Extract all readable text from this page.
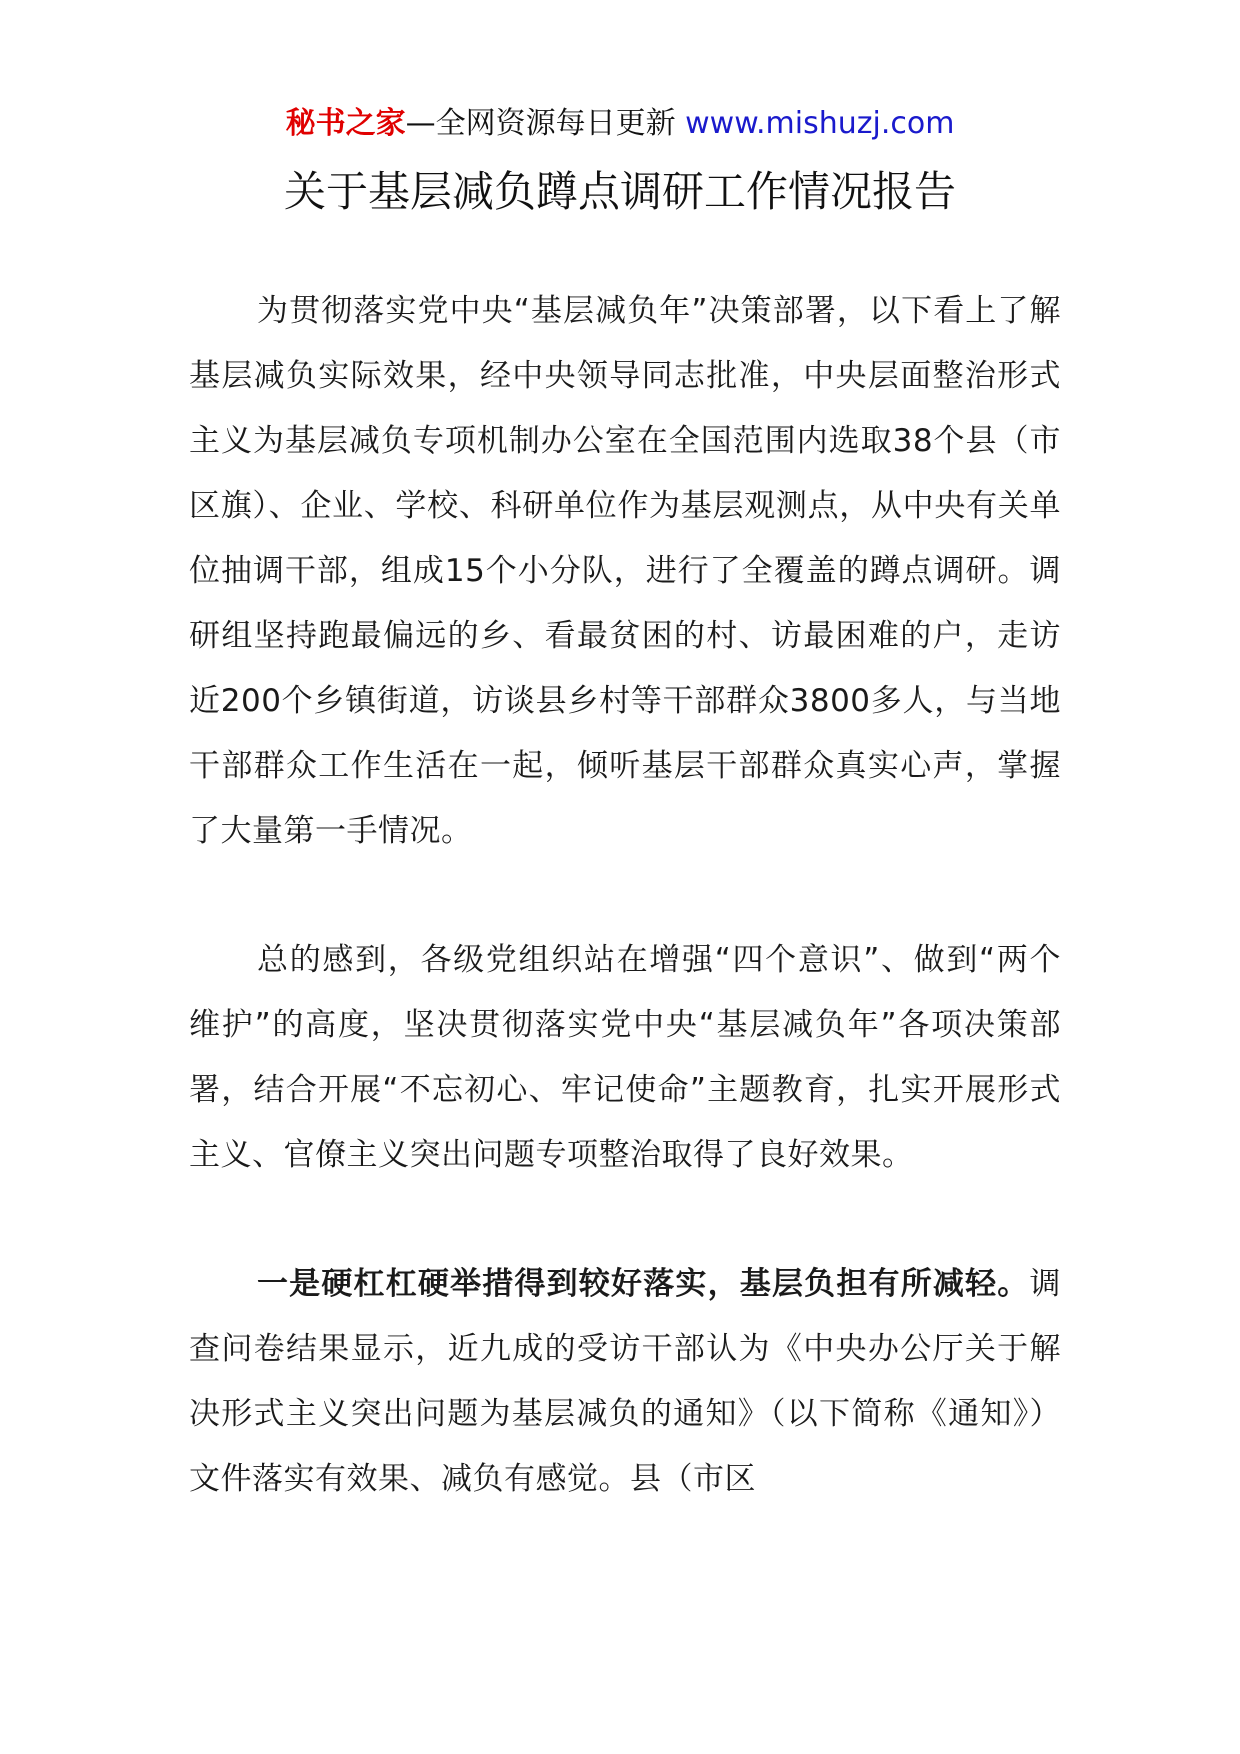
秘书之家—全网资源每日更新 www.mishuzj.com
关于基层减负蹲点调研工作情况报告

为贯彻落实党中央“基层减负年”决策部署，以下看上了解基层减负实际效果，经中央领导同志批准，中央层面整治形式主义为基层减负专项机制办公室在全国范围内选取38个县（市区旗）、企业、学校、科研单位作为基层观测点，从中央有关单位抽调干部，组成15个小分队，进行了全覆盖的蹲点调研。调研组坚持跑最偏远的乡、看最贫困的村、访最困难的户，走访近200个乡镇街道，访谈县乡村等干部群众3800多人，与当地干部群众工作生活在一起，倾听基层干部群众真实心声，掌握了大量第一手情况。

总的感到，各级党组织站在增强“四个意识”、做到“两个维护”的高度，坚决贯彻落实党中央“基层减负年”各项决策部署，结合开展“不忘初心、牢记使命”主题教育，扎实开展形式主义、官僚主义突出问题专项整治取得了良好效果。

一是硬杠杠硬举措得到较好落实，基层负担有所减轻。调查问卷结果显示，近九成的受访干部认为《中央办公厅关于解决形式主义突出问题为基层减负的通知》（以下简称《通知》）文件落实有效果、减负有感觉。县（市区
